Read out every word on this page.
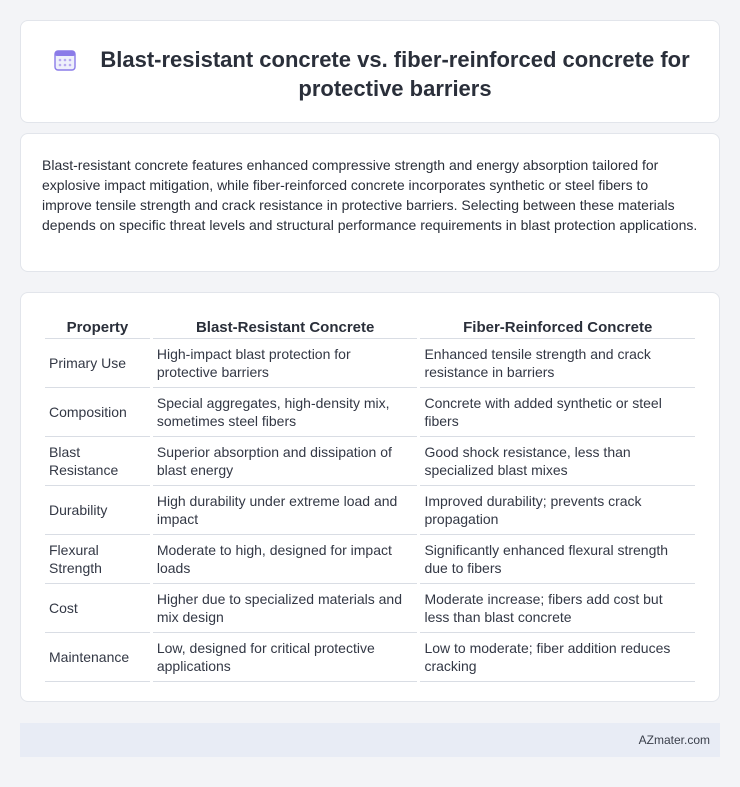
Blast-resistant concrete vs. fiber-reinforced concrete for protective barriers

Blast-resistant concrete features enhanced compressive strength and energy absorption tailored for explosive impact mitigation, while fiber-reinforced concrete incorporates synthetic or steel fibers to improve tensile strength and crack resistance in protective barriers. Selecting between these materials depends on specific threat levels and structural performance requirements in blast protection applications.

Property	Blast-Resistant Concrete	Fiber-Reinforced Concrete
Primary Use	High-impact blast protection for protective barriers	Enhanced tensile strength and crack resistance in barriers
Composition	Special aggregates, high-density mix, sometimes steel fibers	Concrete with added synthetic or steel fibers
Blast Resistance	Superior absorption and dissipation of blast energy	Good shock resistance, less than specialized blast mixes
Durability	High durability under extreme load and impact	Improved durability; prevents crack propagation
Flexural Strength	Moderate to high, designed for impact loads	Significantly enhanced flexural strength due to fibers
Cost	Higher due to specialized materials and mix design	Moderate increase; fibers add cost but less than blast concrete
Maintenance	Low, designed for critical protective applications	Low to moderate; fiber addition reduces cracking
AZmater.com
